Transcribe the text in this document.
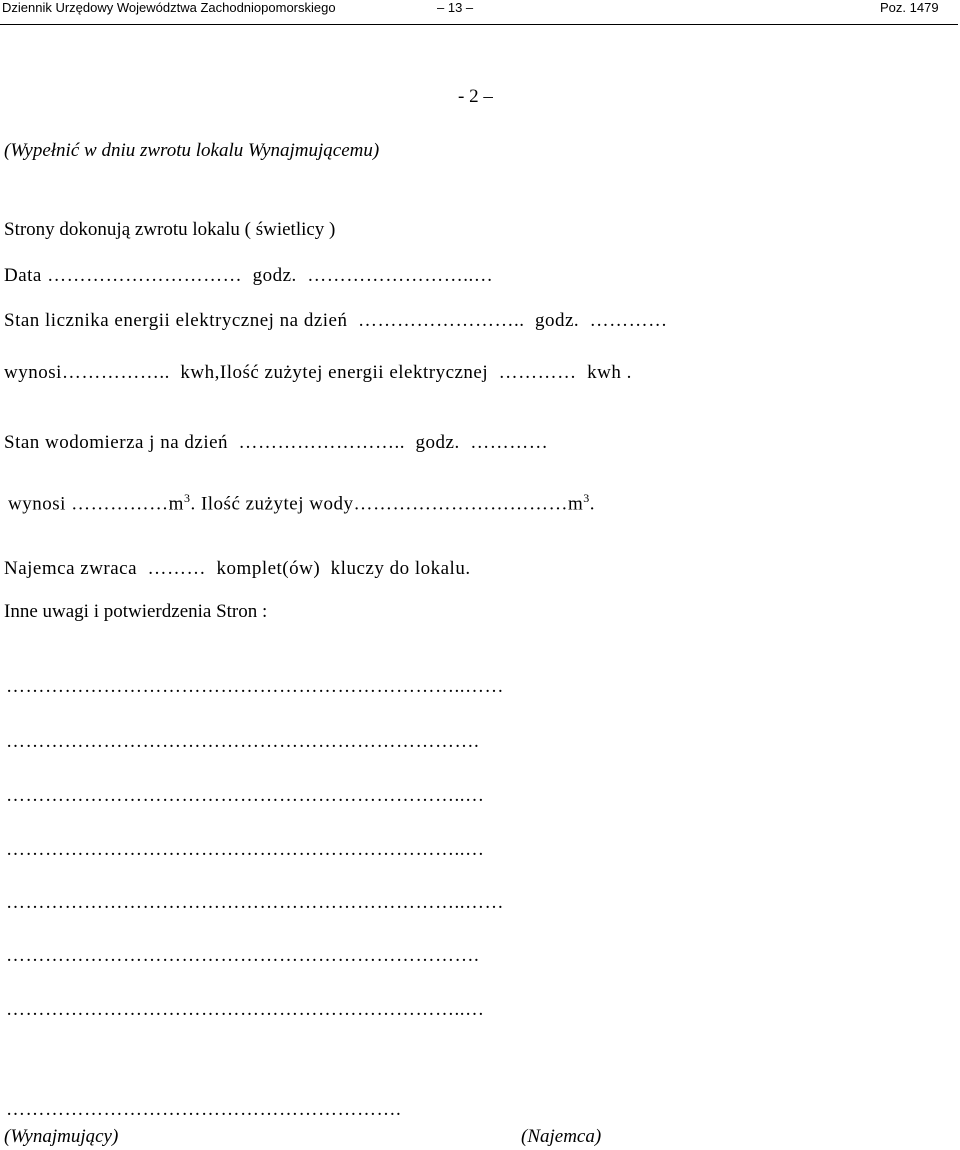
Dziennik Urzędowy Województwa Zachodniopomorskiego	– 13 –	Poz. 1479
- 2 –
(Wypełnić w dniu zwrotu lokalu Wynajmującemu)
Strony dokonują zwrotu lokalu ( świetlicy )
Data …………………………  godz.  ……………………..…
Stan licznika energii elektrycznej na dzień  ……………………..  godz.  …………
wynosi……………..  kwh,Ilość zużytej energii elektrycznej  …………  kwh .
Stan wodomierza j na dzień  ……………………..  godz.  …………
wynosi $\dots\dots\dots\dots\dots m^3$. Ilość zużytej $wody\dots\dots\dots\dots\dots\dots\dots\dots\dots\dots\dots m^3$.
Najemca zwraca  ………  komplet(ów)  kluczy do lokalu.
Inne uwagi i potwierdzenia Stron :
……………………………………………………………..……
……………………………………………………………….
……………………………………………………………..…
……………………………………………………………..…
……………………………………………………………..……
……………………………………………………………….
……………………………………………………………..…
…………………………………………………….
(Wynajmujący)	(Najemca)
